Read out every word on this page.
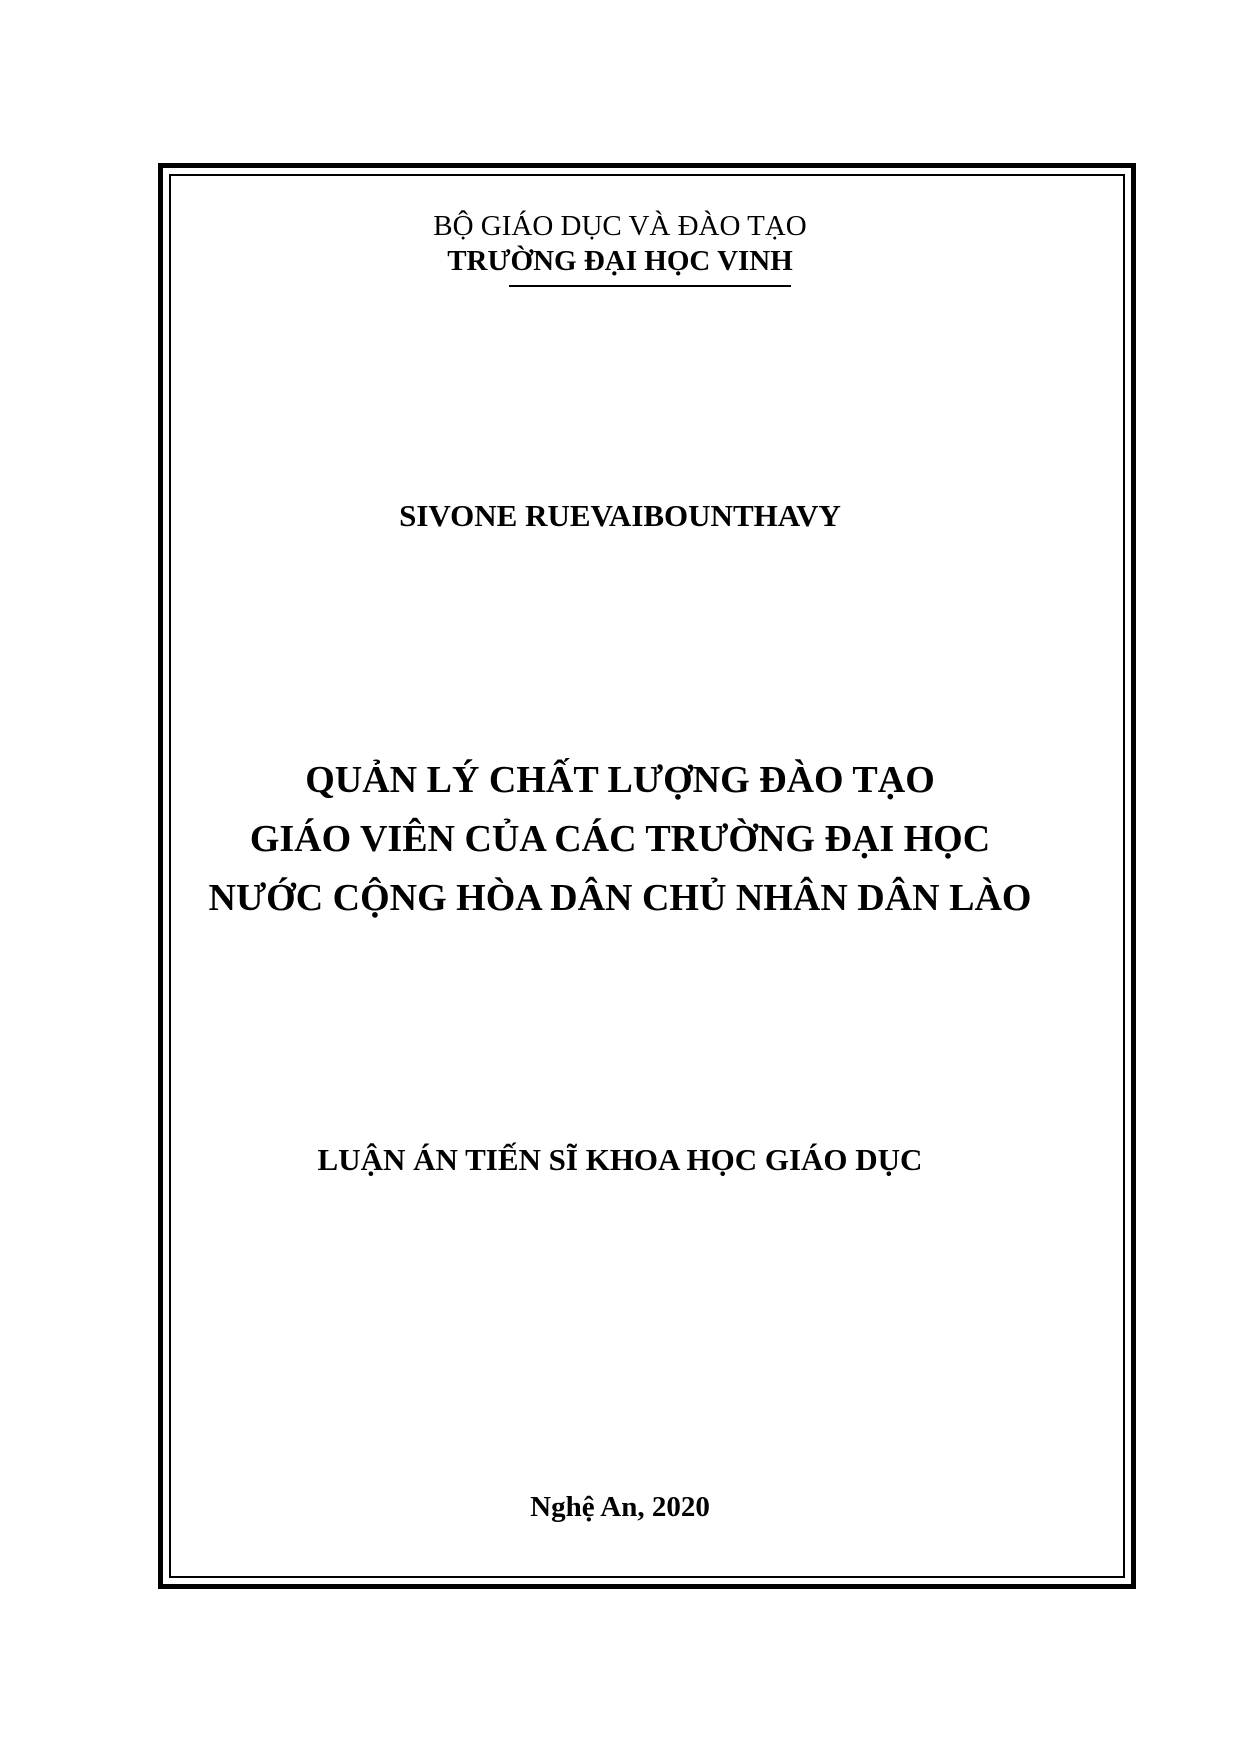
BỘ GIÁO DỤC VÀ ĐÀO TẠO
TRƯỜNG ĐẠI HỌC VINH
SIVONE RUEVAIBOUNTHAVY
QUẢN LÝ CHẤT LƯỢNG ĐÀO TẠO
GIÁO VIÊN CỦA CÁC TRƯỜNG ĐẠI HỌC
NƯỚC CỘNG HÒA DÂN CHỦ NHÂN DÂN LÀO
LUẬN ÁN TIẾN SĨ KHOA HỌC GIÁO DỤC
Nghệ An, 2020
